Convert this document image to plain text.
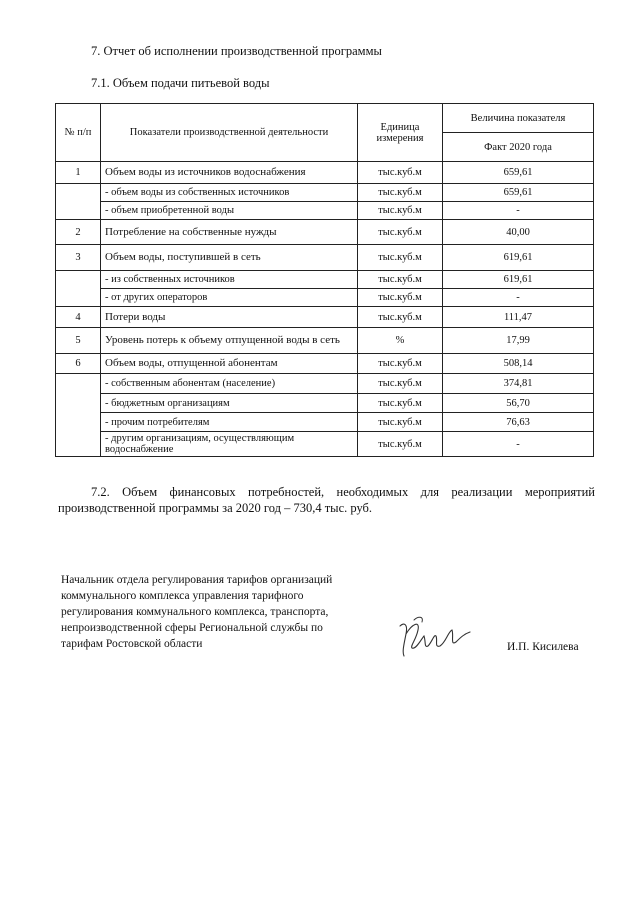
7. Отчет об исполнении производственной программы
7.1. Объем подачи питьевой воды
№ п/п	Показатели производственной деятельности	Единица измерения	Величина показателя
			Факт 2020 года
1	Объем воды из источников водоснабжения	тыс.куб.м	659,61
	- объем воды из собственных источников	тыс.куб.м	659,61
	- объем приобретенной воды	тыс.куб.м	-
2	Потребление на собственные нужды	тыс.куб.м	40,00
3	Объем воды, поступившей в сеть	тыс.куб.м	619,61
	- из собственных источников	тыс.куб.м	619,61
	- от других операторов	тыс.куб.м	-
4	Потери воды	тыс.куб.м	111,47
5	Уровень потерь к объему отпущенной воды в сеть	%	17,99
6	Объем воды, отпущенной абонентам	тыс.куб.м	508,14
	- собственным абонентам (население)	тыс.куб.м	374,81
	- бюджетным организациям	тыс.куб.м	56,70
	- прочим потребителям	тыс.куб.м	76,63
	- другим организациям, осуществляющим водоснабжение	тыс.куб.м	-
7.2. Объем финансовых потребностей, необходимых для реализации мероприятий производственной программы за 2020 год – 730,4 тыс. руб.
Начальник отдела регулирования тарифов организаций
коммунального комплекса управления тарифного
регулирования коммунального комплекса, транспорта,
непроизводственной сферы Региональной службы по
тарифам Ростовской области	И.П. Кисилева
